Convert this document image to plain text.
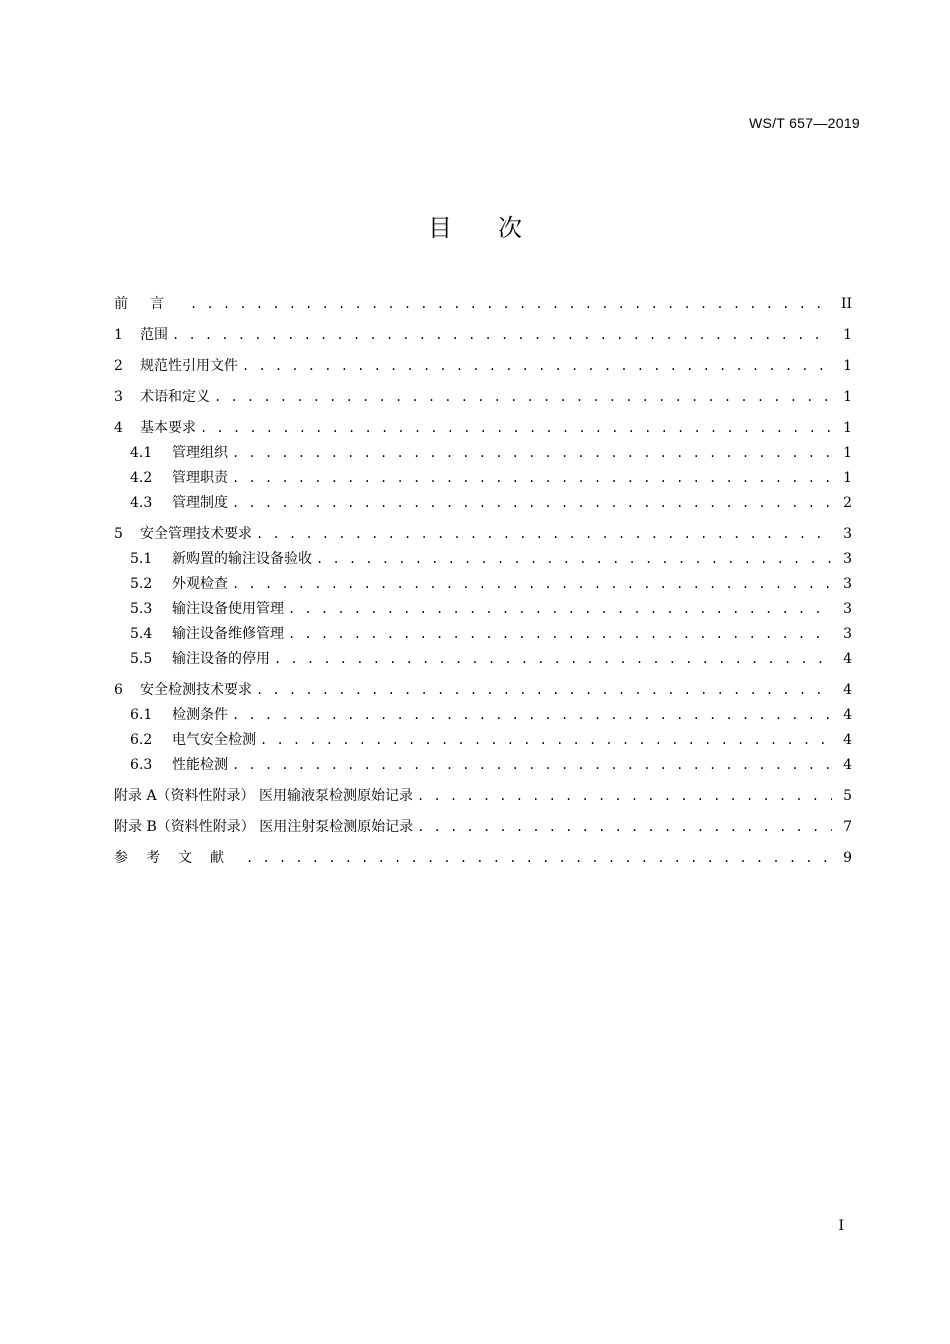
WS/T 657—2019
目次
前言 . . .	II
1	范围 . . .	1
2	规范性引用文件 . . .	1
3	术语和定义 . . .	1
4	基本要求 . . .	1
4.1	管理组织 . . .	1
4.2	管理职责 . . .	1
4.3	管理制度 . . .	2
5	安全管理技术要求 . . .	3
5.1	新购置的输注设备验收 . . .	3
5.2	外观检查 . . .	3
5.3	输注设备使用管理 . . .	3
5.4	输注设备维修管理 . . .	3
5.5	输注设备的停用 . . .	4
6	安全检测技术要求 . . .	4
6.1	检测条件 . . .	4
6.2	电气安全检测 . . .	4
6.3	性能检测 . . .	4
附录 A（资料性附录） 医用输液泵检测原始记录 . . .	5
附录 B（资料性附录） 医用注射泵检测原始记录 . . .	7
参考文献 . . .	9
I
